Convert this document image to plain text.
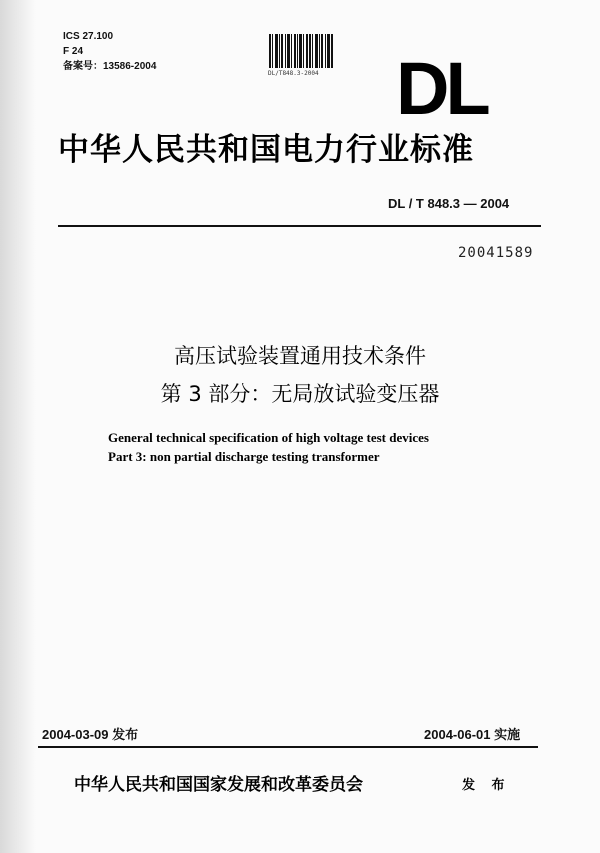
ICS 27.100
F 24
备案号：13586-2004
DL/T848.3-2004 DL
中华人民共和国电力行业标准
DL / T 848.3 — 2004
20041589
高压试验装置通用技术条件
第 3 部分：无局放试验变压器
General technical specification of high voltage test devices
Part 3: non partial discharge testing transformer
2004-03-09 发布	2004-06-01 实施
中华人民共和国国家发展和改革委员会	发 布
